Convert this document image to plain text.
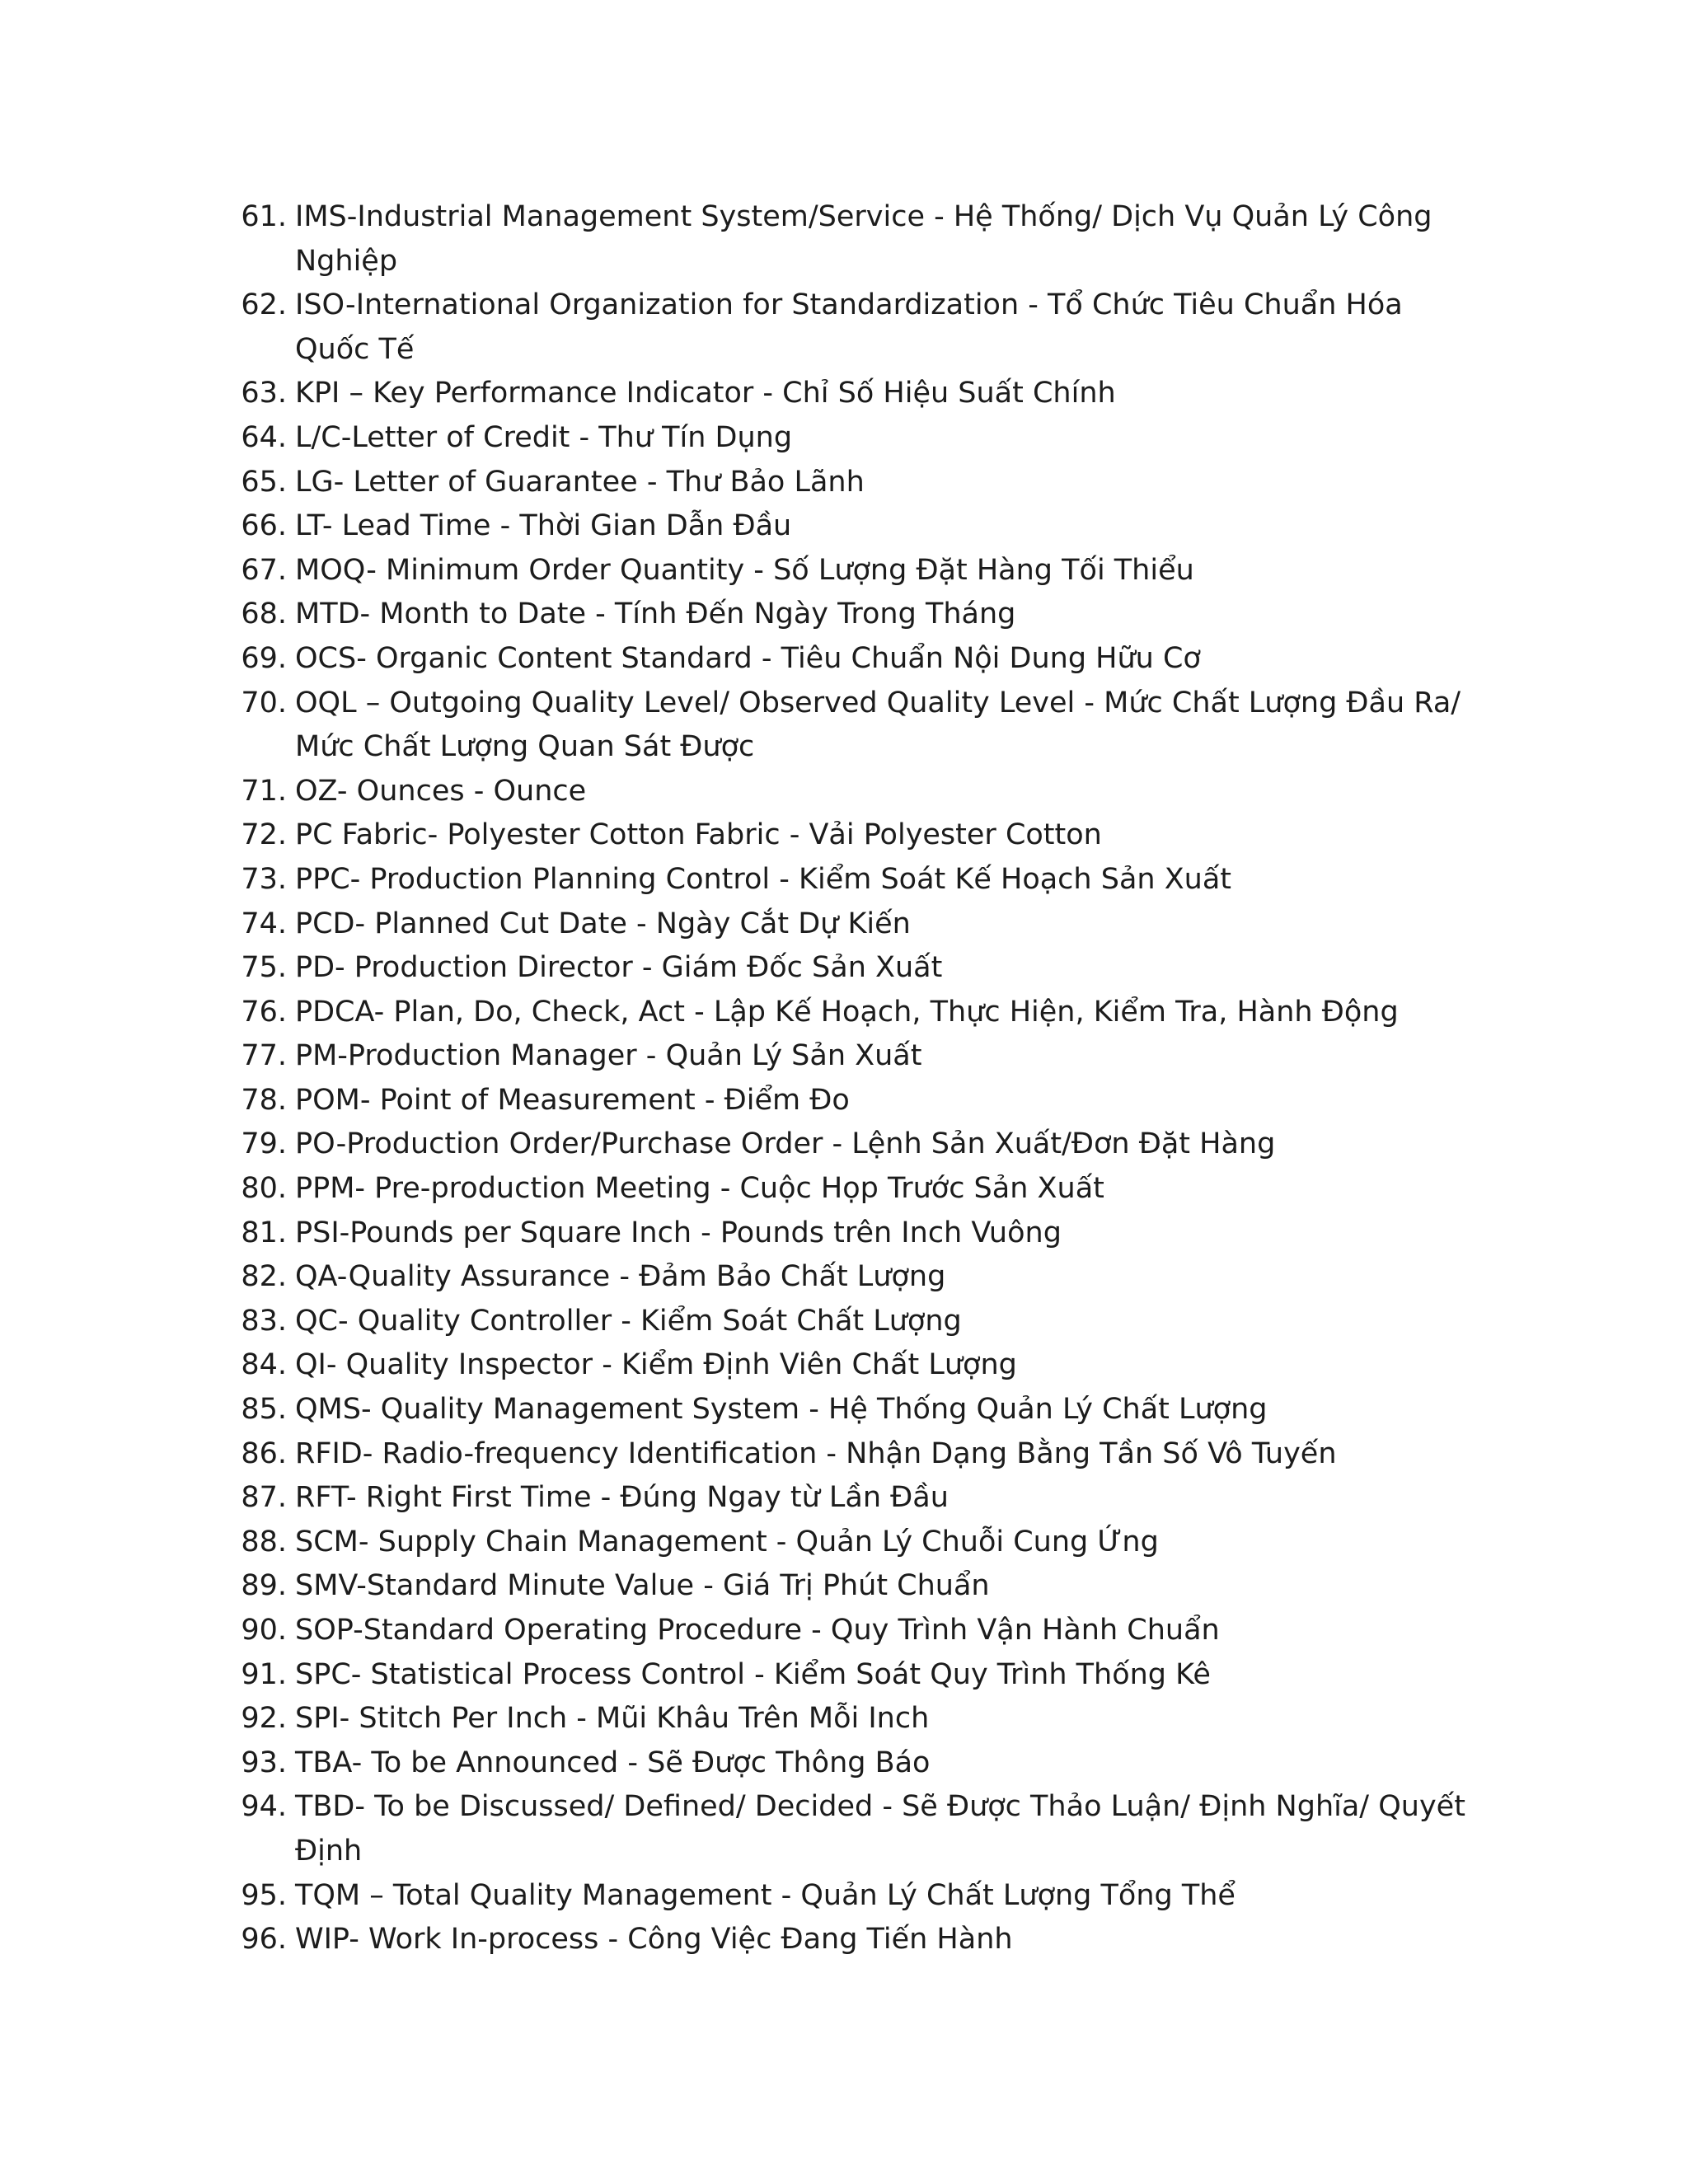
61. IMS-Industrial Management System/Service - Hệ Thống/ Dịch Vụ Quản Lý Công Nghiệp
62. ISO-International Organization for Standardization - Tổ Chức Tiêu Chuẩn Hóa Quốc Tế
63. KPI – Key Performance Indicator - Chỉ Số Hiệu Suất Chính
64. L/C-Letter of Credit - Thư Tín Dụng
65. LG- Letter of Guarantee - Thư Bảo Lãnh
66. LT- Lead Time - Thời Gian Dẫn Đầu
67. MOQ- Minimum Order Quantity - Số Lượng Đặt Hàng Tối Thiểu
68. MTD- Month to Date - Tính Đến Ngày Trong Tháng
69. OCS- Organic Content Standard - Tiêu Chuẩn Nội Dung Hữu Cơ
70. OQL – Outgoing Quality Level/ Observed Quality Level - Mức Chất Lượng Đầu Ra/ Mức Chất Lượng Quan Sát Được
71. OZ- Ounces - Ounce
72. PC Fabric- Polyester Cotton Fabric - Vải Polyester Cotton
73. PPC- Production Planning Control - Kiểm Soát Kế Hoạch Sản Xuất
74. PCD- Planned Cut Date - Ngày Cắt Dự Kiến
75. PD- Production Director - Giám Đốc Sản Xuất
76. PDCA- Plan, Do, Check, Act - Lập Kế Hoạch, Thực Hiện, Kiểm Tra, Hành Động
77. PM-Production Manager - Quản Lý Sản Xuất
78. POM- Point of Measurement - Điểm Đo
79. PO-Production Order/Purchase Order - Lệnh Sản Xuất/Đơn Đặt Hàng
80. PPM- Pre-production Meeting - Cuộc Họp Trước Sản Xuất
81. PSI-Pounds per Square Inch - Pounds trên Inch Vuông
82. QA-Quality Assurance - Đảm Bảo Chất Lượng
83. QC- Quality Controller - Kiểm Soát Chất Lượng
84. QI- Quality Inspector - Kiểm Định Viên Chất Lượng
85. QMS- Quality Management System - Hệ Thống Quản Lý Chất Lượng
86. RFID- Radio-frequency Identification - Nhận Dạng Bằng Tần Số Vô Tuyến
87. RFT- Right First Time - Đúng Ngay từ Lần Đầu
88. SCM- Supply Chain Management - Quản Lý Chuỗi Cung Ứng
89. SMV-Standard Minute Value - Giá Trị Phút Chuẩn
90. SOP-Standard Operating Procedure - Quy Trình Vận Hành Chuẩn
91. SPC- Statistical Process Control - Kiểm Soát Quy Trình Thống Kê
92. SPI- Stitch Per Inch - Mũi Khâu Trên Mỗi Inch
93. TBA- To be Announced - Sẽ Được Thông Báo
94. TBD- To be Discussed/ Defined/ Decided - Sẽ Được Thảo Luận/ Định Nghĩa/ Quyết Định
95. TQM – Total Quality Management - Quản Lý Chất Lượng Tổng Thể
96. WIP- Work In-process - Công Việc Đang Tiến Hành
